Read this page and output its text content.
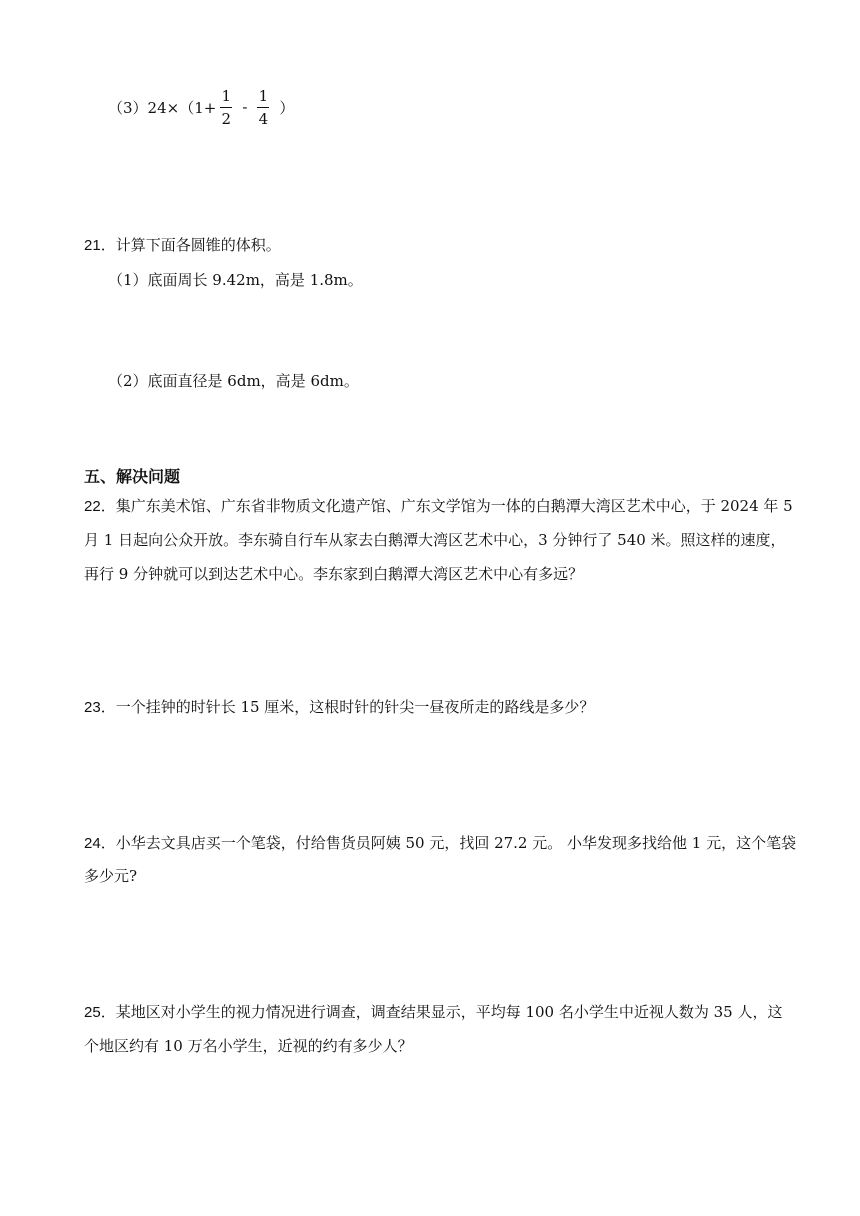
$(3)24\times(1+ \frac{1}{2} - \frac{1}{4}$ ）
21．计算下面各圆锥的体积。
（1）底面周长 9.42m，高是 1.8m。
（2）底面直径是 6dm，高是 6dm。
五、解决问题
22．集广东美术馆、广东省非物质文化遗产馆、广东文学馆为一体的白鹅潭大湾区艺术中心，于 2024 年 5
月 1 日起向公众开放。李东骑自行车从家去白鹅潭大湾区艺术中心，3 分钟行了 540 米。照这样的速度，
再行 9 分钟就可以到达艺术中心。李东家到白鹅潭大湾区艺术中心有多远？
23．一个挂钟的时针长 15 厘米，这根时针的针尖一昼夜所走的路线是多少？
24．小华去文具店买一个笔袋，付给售货员阿姨 50 元，找回 27.2 元。 小华发现多找给他 1 元，这个笔袋
多少元?
25．某地区对小学生的视力情况进行调查，调查结果显示，平均每 100 名小学生中近视人数为 35 人，这
个地区约有 10 万名小学生，近视的约有多少人？
